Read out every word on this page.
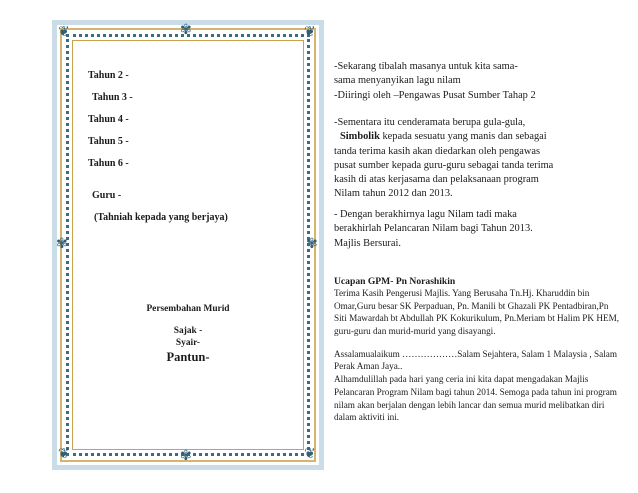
❦	❦
❦	❦
✾
✾
✾	✾
Tahun 2 -
Tahun 3 -
Tahun 4 -
Tahun 5 -
Tahun 6 -
Guru -
(Tahniah kepada yang berjaya)
Persembahan Murid
Sajak -
Syair-
Pantun-

-Sekarang tibalah masanya untuk kita sama-
sama menyanyikan lagu nilam
-Diiringi oleh –Pengawas Pusat Sumber Tahap 2

-Sementara itu cenderamata berupa gula-gula,
Simbolik kepada sesuatu yang manis dan sebagai
tanda terima kasih akan diedarkan oleh pengawas
pusat sumber kepada guru-guru sebagai tanda terima
kasih di atas kerjasama dan pelaksanaan program
Nilam tahun 2012 dan 2013.

- Dengan berakhirnya lagu Nilam tadi maka
berakhirlah Pelancaran Nilam bagi Tahun 2013.
Majlis Bersurai.

Ucapan GPM- Pn Norashikin

Terima Kasih Pengerusi Majlis. Yang Berusaha Tn.Hj. Kharuddin bin Omar,Guru besar SK Perpaduan, Pn. Manili bt Ghazali PK Pentadbiran,Pn Siti Mawardah bt Abdullah PK Kokurikulum, Pn.Meriam bt Halim PK HEM, guru-guru dan murid-murid yang disayangi.

Assalamualaikum ………………Salam Sejahtera, Salam 1 Malaysia , Salam Perak Aman Jaya..

Alhamdulillah pada hari yang ceria ini kita dapat mengadakan Majlis Pelancaran Program Nilam bagi tahun 2014. Semoga pada tahun ini program nilam akan berjalan dengan lebih lancar dan semua murid melibatkan diri dalam aktiviti ini.
